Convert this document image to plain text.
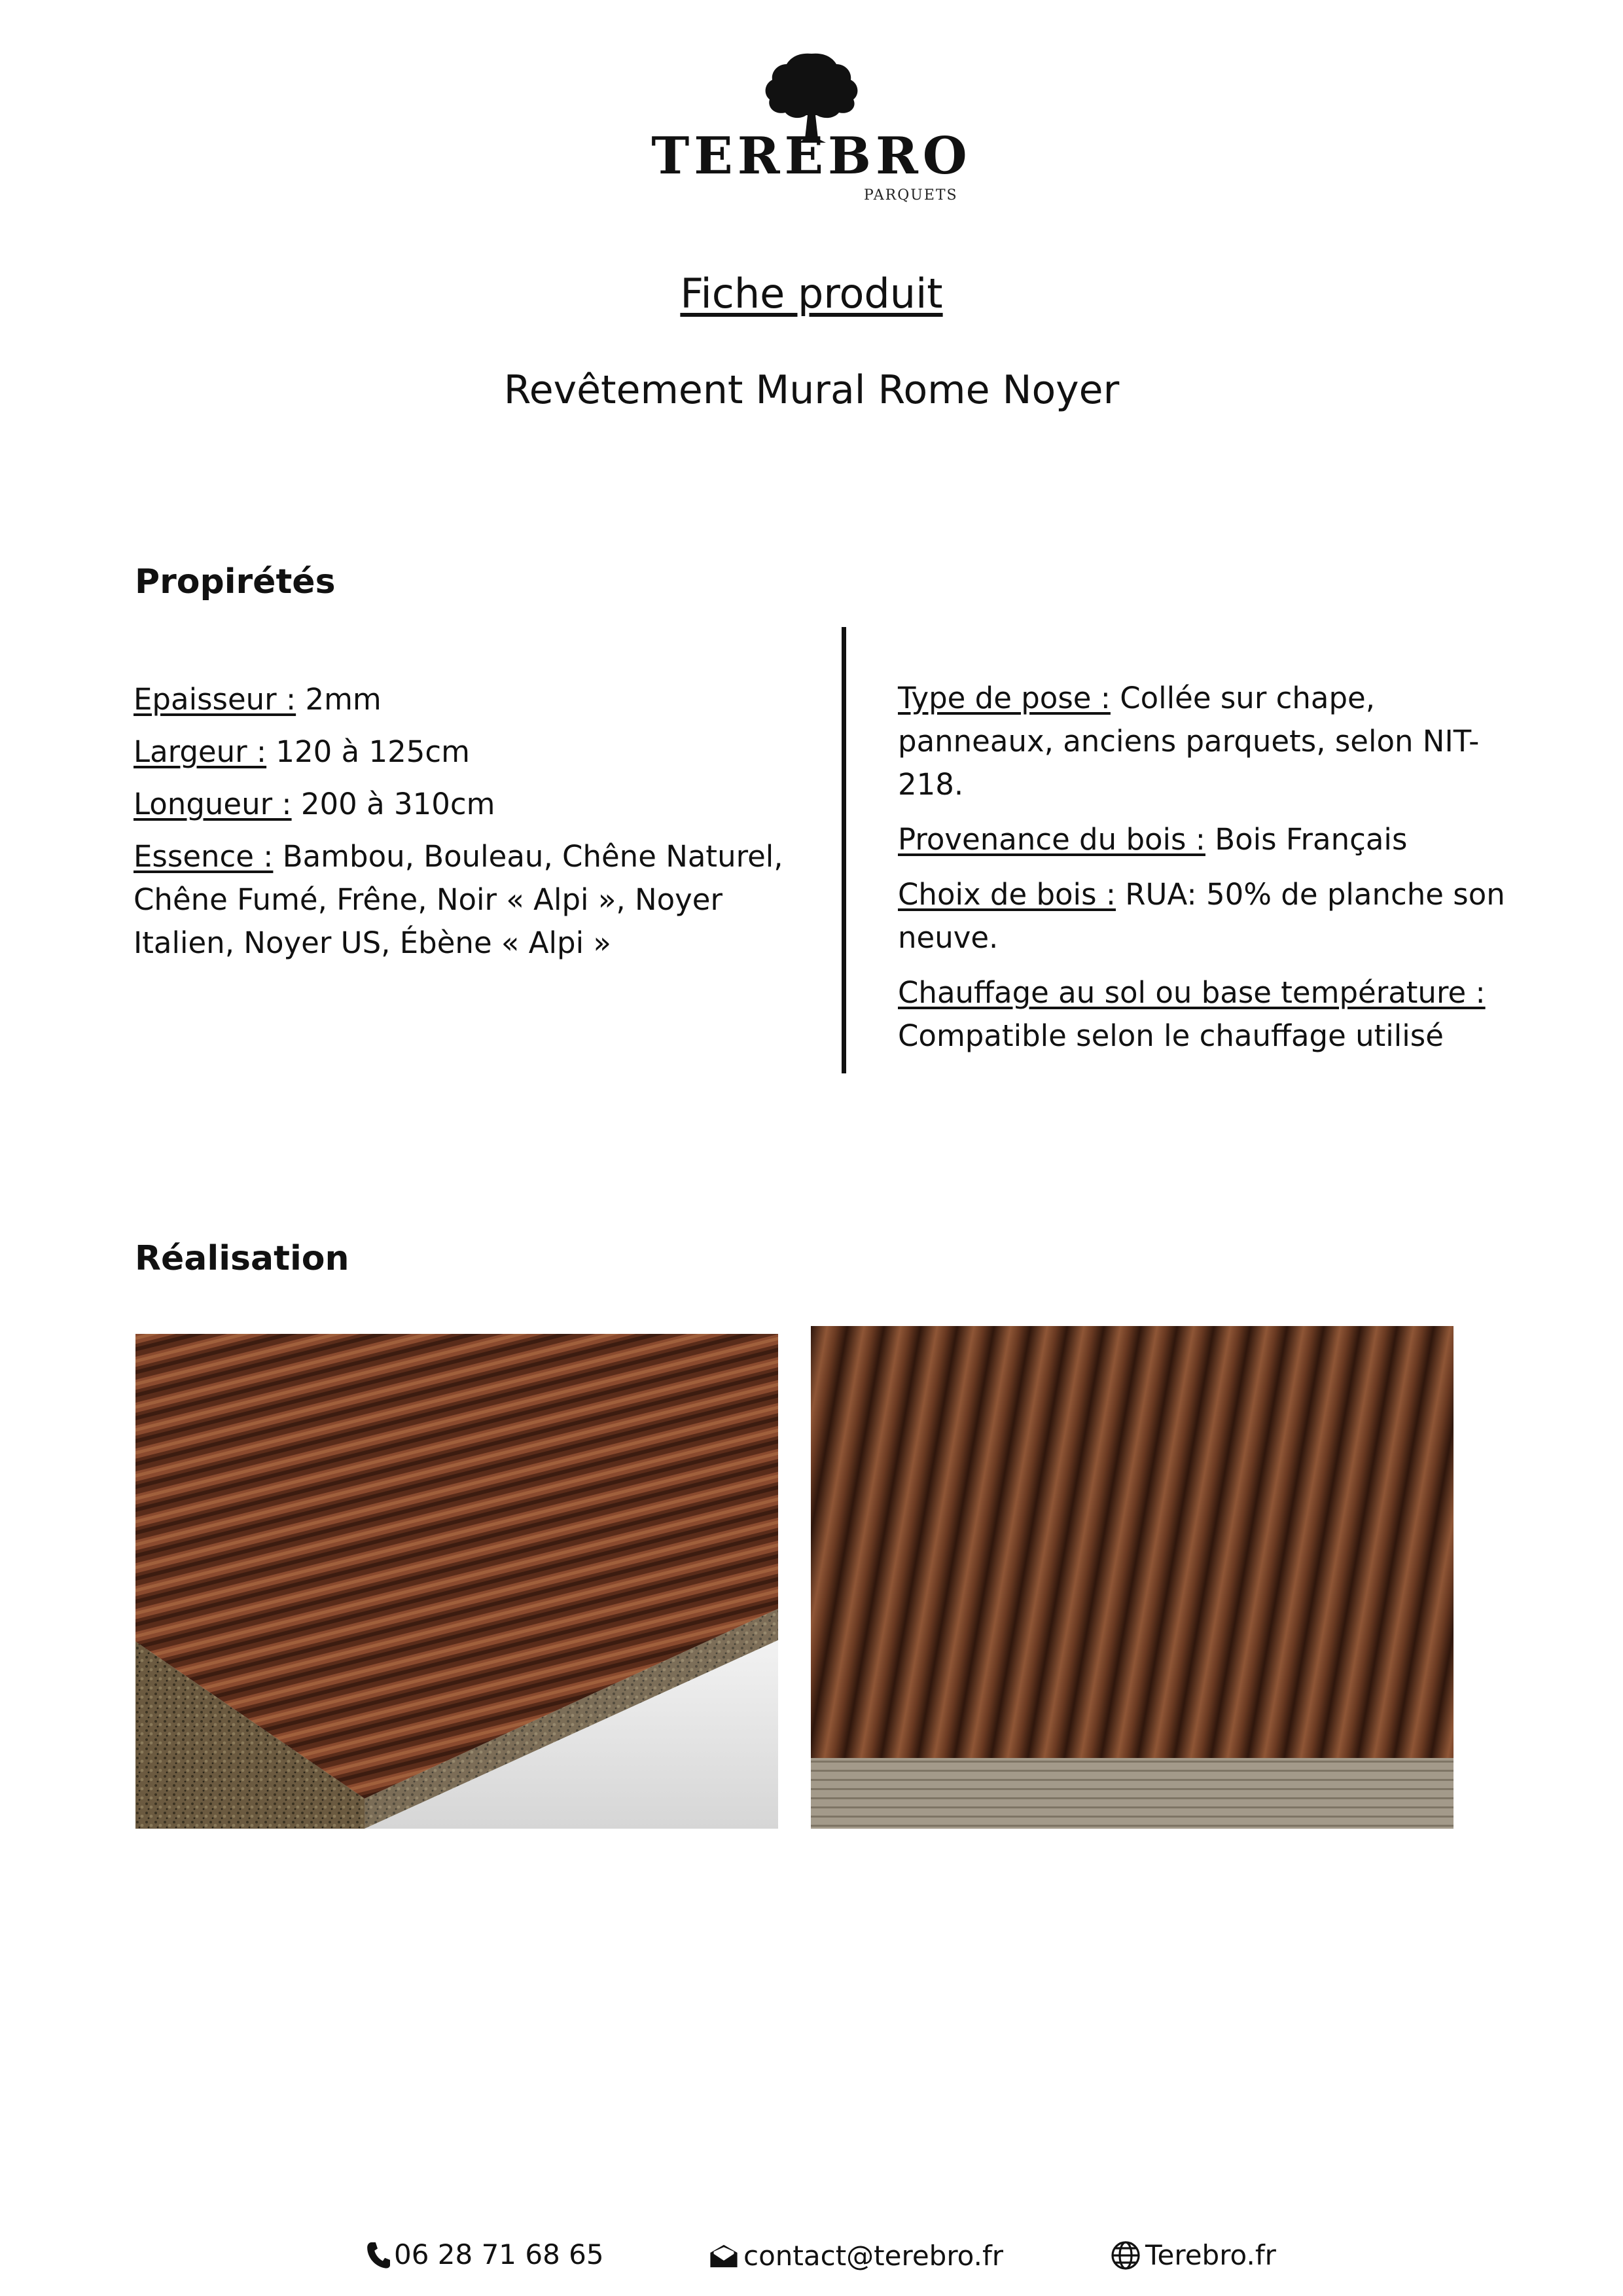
TEREBRO
PARQUETS
Fiche produit
Revêtement Mural Rome Noyer
Propirétés
Epaisseur : 2mm
Largeur : 120 à 125cm
Longueur : 200 à 310cm
Essence : Bambou, Bouleau, Chêne Naturel, Chêne Fumé, Frêne, Noir « Alpi », Noyer Italien, Noyer US, Ébène « Alpi »
Type de pose : Collée sur chape, panneaux, anciens parquets, selon NIT-218.
Provenance du bois : Bois Français
Choix de bois : RUA: 50% de planche son neuve.
Chauffage au sol ou base température : Compatible selon le chauffage utilisé
Réalisation
06 28 71 68 65	contact@terebro.fr	Terebro.fr
